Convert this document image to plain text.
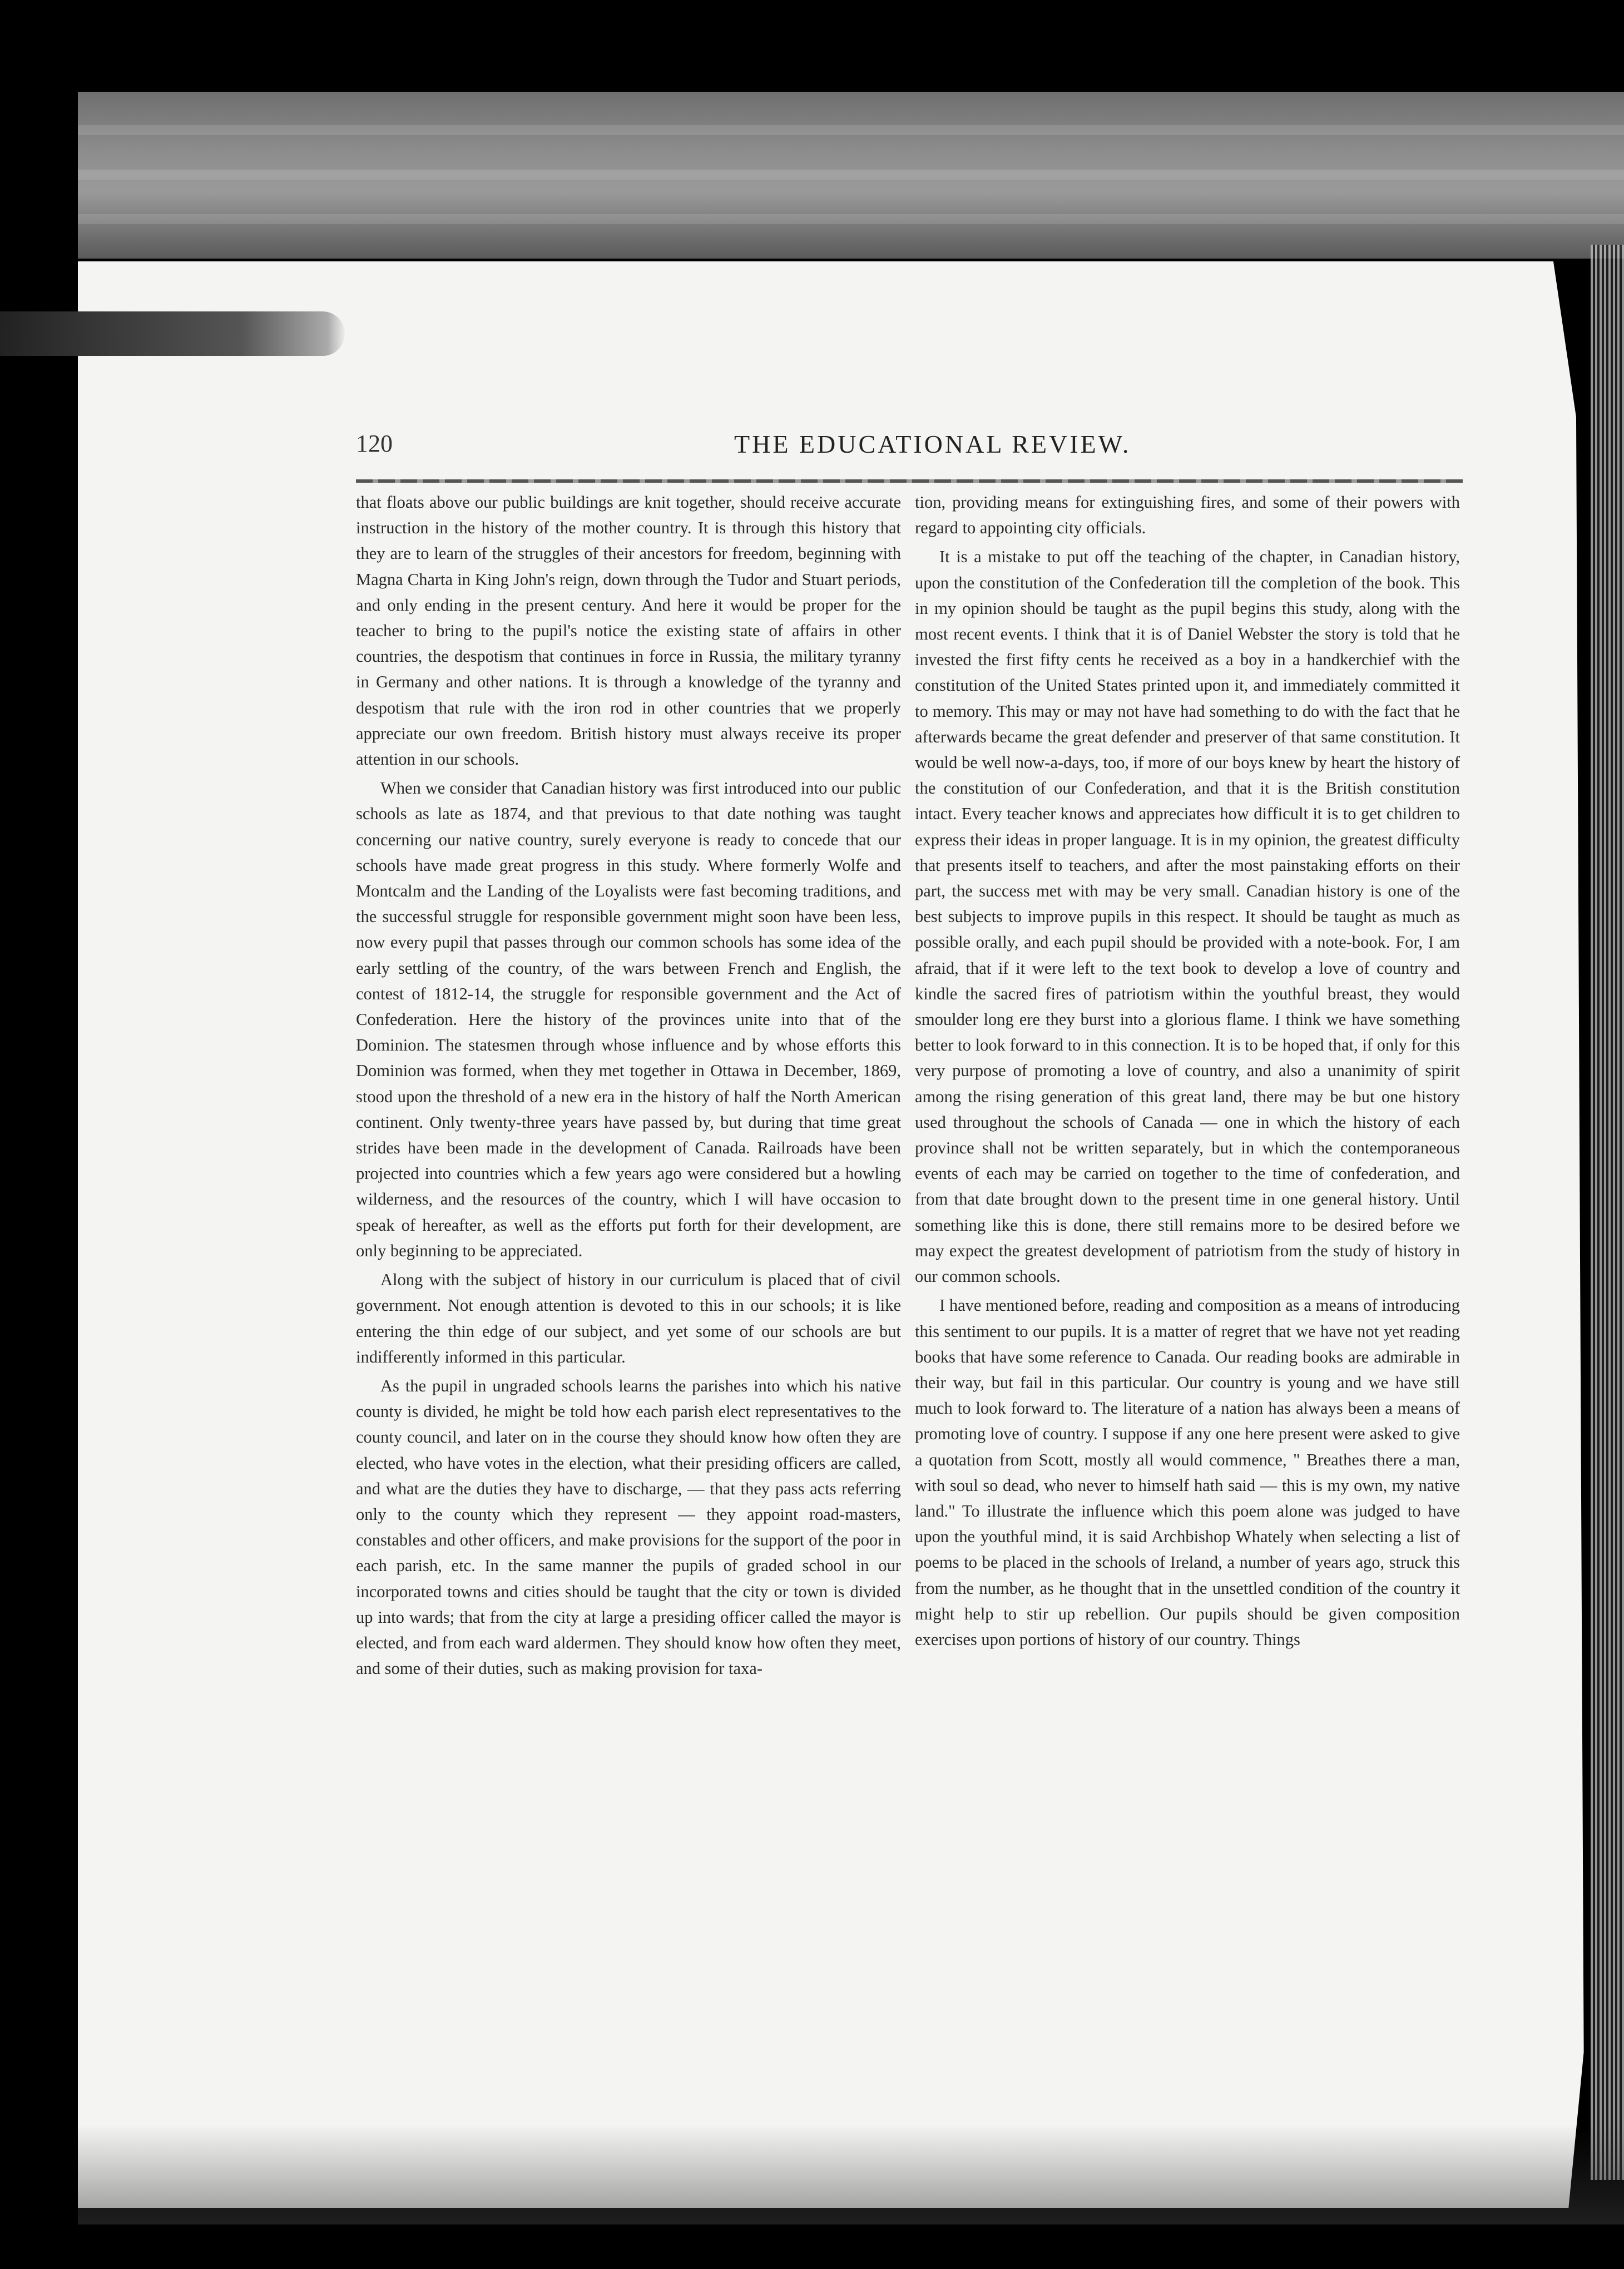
120	THE EDUCATIONAL REVIEW.

that floats above our public buildings are knit together, should receive accurate instruction in the history of the mother country. It is through this history that they are to learn of the struggles of their ancestors for freedom, beginning with Magna Charta in King John's reign, down through the Tudor and Stuart periods, and only ending in the present century. And here it would be proper for the teacher to bring to the pupil's notice the existing state of affairs in other countries, the despotism that continues in force in Russia, the military tyranny in Germany and other nations. It is through a knowledge of the tyranny and despotism that rule with the iron rod in other countries that we properly appreciate our own freedom. British history must always receive its proper attention in our schools.

When we consider that Canadian history was first introduced into our public schools as late as 1874, and that previous to that date nothing was taught concerning our native country, surely everyone is ready to concede that our schools have made great progress in this study. Where formerly Wolfe and Montcalm and the Landing of the Loyalists were fast becoming traditions, and the successful struggle for responsible government might soon have been less, now every pupil that passes through our common schools has some idea of the early settling of the country, of the wars between French and English, the contest of 1812-14, the struggle for responsible government and the Act of Confederation. Here the history of the provinces unite into that of the Dominion. The statesmen through whose influence and by whose efforts this Dominion was formed, when they met together in Ottawa in December, 1869, stood upon the threshold of a new era in the history of half the North American continent. Only twenty-three years have passed by, but during that time great strides have been made in the development of Canada. Railroads have been projected into countries which a few years ago were considered but a howling wilderness, and the resources of the country, which I will have occasion to speak of hereafter, as well as the efforts put forth for their development, are only beginning to be appreciated.

Along with the subject of history in our curriculum is placed that of civil government. Not enough attention is devoted to this in our schools; it is like entering the thin edge of our subject, and yet some of our schools are but indifferently informed in this particular.

As the pupil in ungraded schools learns the parishes into which his native county is divided, he might be told how each parish elect representatives to the county council, and later on in the course they should know how often they are elected, who have votes in the election, what their presiding officers are called, and what are the duties they have to discharge, — that they pass acts referring only to the county which they represent — they appoint road-masters, constables and other officers, and make provisions for the support of the poor in each parish, etc. In the same manner the pupils of graded school in our incorporated towns and cities should be taught that the city or town is divided up into wards; that from the city at large a presiding officer called the mayor is elected, and from each ward aldermen. They should know how often they meet, and some of their duties, such as making provision for taxa-

tion, providing means for extinguishing fires, and some of their powers with regard to appointing city officials.

It is a mistake to put off the teaching of the chapter, in Canadian history, upon the constitution of the Confederation till the completion of the book. This in my opinion should be taught as the pupil begins this study, along with the most recent events. I think that it is of Daniel Webster the story is told that he invested the first fifty cents he received as a boy in a handkerchief with the constitution of the United States printed upon it, and immediately committed it to memory. This may or may not have had something to do with the fact that he afterwards became the great defender and preserver of that same constitution. It would be well now-a-days, too, if more of our boys knew by heart the history of the constitution of our Confederation, and that it is the British constitution intact. Every teacher knows and appreciates how difficult it is to get children to express their ideas in proper language. It is in my opinion, the greatest difficulty that presents itself to teachers, and after the most painstaking efforts on their part, the success met with may be very small. Canadian history is one of the best subjects to improve pupils in this respect. It should be taught as much as possible orally, and each pupil should be provided with a note-book. For, I am afraid, that if it were left to the text book to develop a love of country and kindle the sacred fires of patriotism within the youthful breast, they would smoulder long ere they burst into a glorious flame. I think we have something better to look forward to in this connection. It is to be hoped that, if only for this very purpose of promoting a love of country, and also a unanimity of spirit among the rising generation of this great land, there may be but one history used throughout the schools of Canada — one in which the history of each province shall not be written separately, but in which the contemporaneous events of each may be carried on together to the time of confederation, and from that date brought down to the present time in one general history. Until something like this is done, there still remains more to be desired before we may expect the greatest development of patriotism from the study of history in our common schools.

I have mentioned before, reading and composition as a means of introducing this sentiment to our pupils. It is a matter of regret that we have not yet reading books that have some reference to Canada. Our reading books are admirable in their way, but fail in this particular. Our country is young and we have still much to look forward to. The literature of a nation has always been a means of promoting love of country. I suppose if any one here present were asked to give a quotation from Scott, mostly all would commence, " Breathes there a man, with soul so dead, who never to himself hath said — this is my own, my native land." To illustrate the influence which this poem alone was judged to have upon the youthful mind, it is said Archbishop Whately when selecting a list of poems to be placed in the schools of Ireland, a number of years ago, struck this from the number, as he thought that in the unsettled condition of the country it might help to stir up rebellion. Our pupils should be given composition exercises upon portions of history of our country. Things
